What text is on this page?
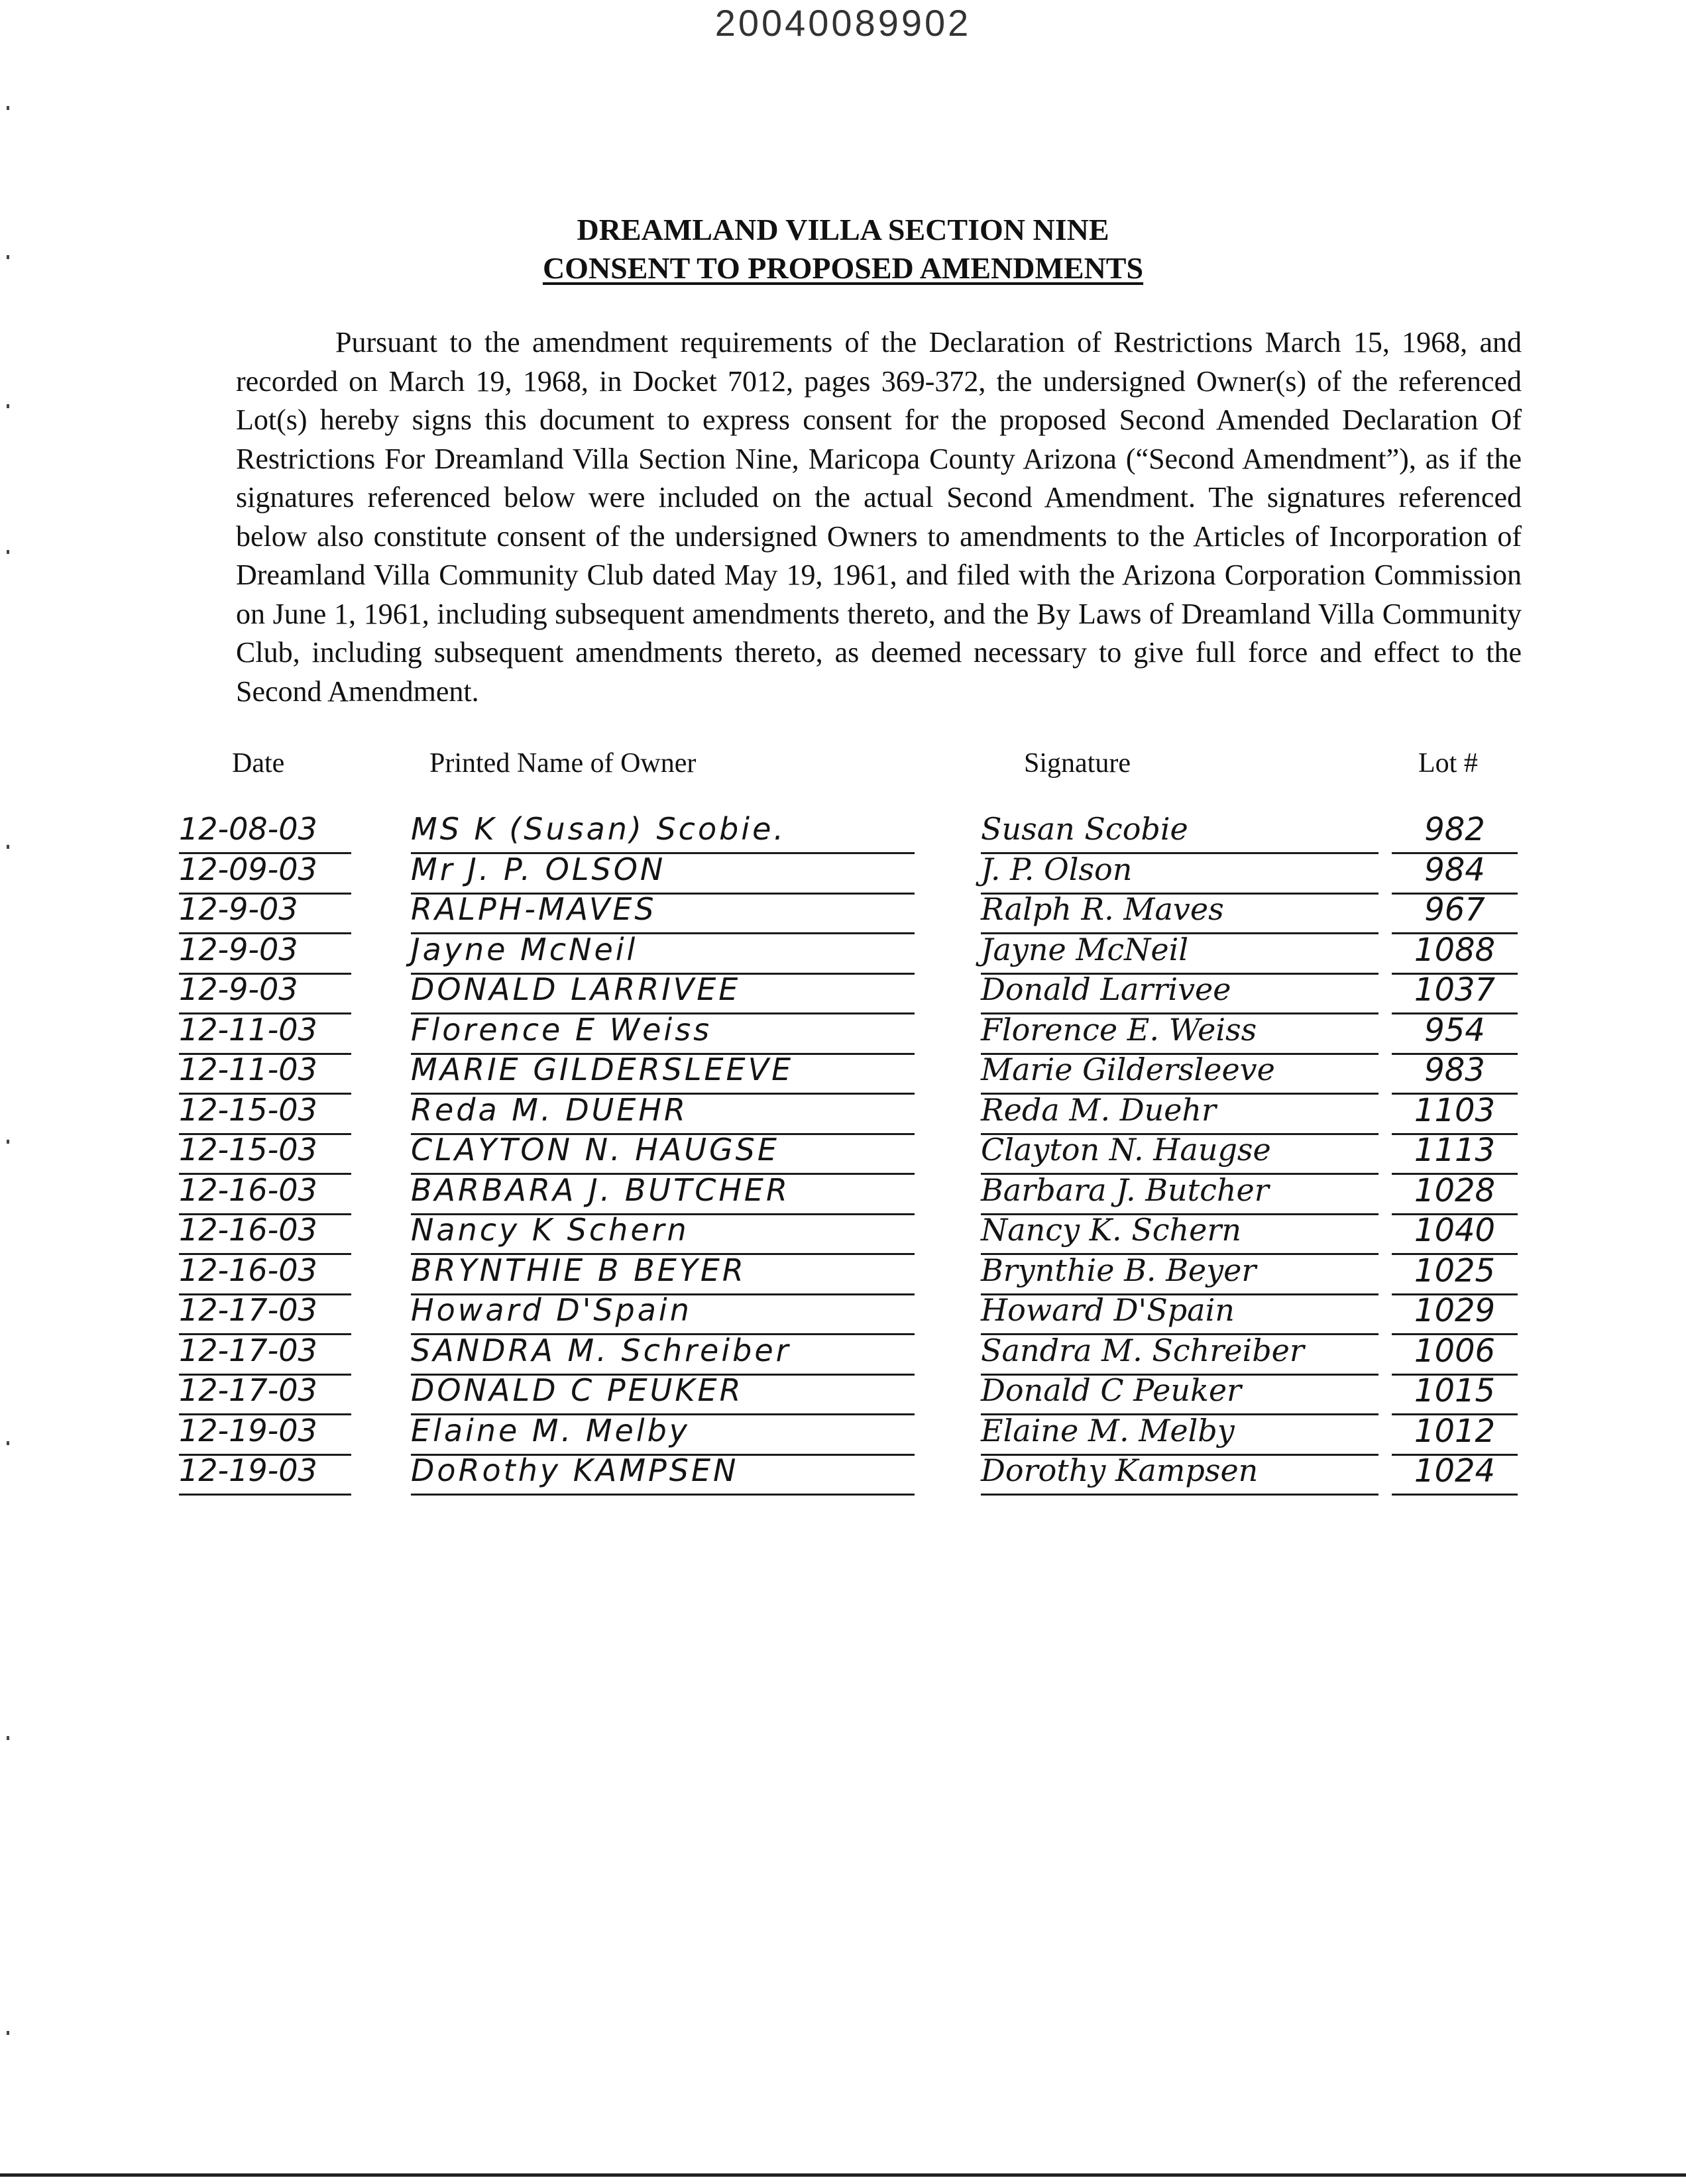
20040089902
DREAMLAND VILLA SECTION NINE
CONSENT TO PROPOSED AMENDMENTS

Pursuant to the amendment requirements of the Declaration of Restrictions March 15, 1968, and recorded on March 19, 1968, in Docket 7012, pages 369-372, the undersigned Owner(s) of the referenced Lot(s) hereby signs this document to express consent for the proposed Second Amended Declaration Of Restrictions For Dreamland Villa Section Nine, Maricopa County Arizona (“Second Amendment”), as if the signatures referenced below were included on the actual Second Amendment. The signatures referenced below also constitute consent of the undersigned Owners to amendments to the Articles of Incorporation of Dreamland Villa Community Club dated May 19, 1961, and filed with the Arizona Corporation Commission on June 1, 1961, including subsequent amendments thereto, and the By Laws of Dreamland Villa Community Club, including subsequent amendments thereto, as deemed necessary to give full force and effect to the Second Amendment.

Date	Printed Name of Owner	Signature	Lot #
12-08-03	MS K (Susan) Scobie.	Susan Scobie	982
12-09-03	Mr J. P. OLSON	J. P. Olson	984
12-9-03	RALPH-MAVES	Ralph R. Maves	967
12-9-03	Jayne McNeil	Jayne McNeil	1088
12-9-03	DONALD LARRIVEE	Donald Larrivee	1037
12-11-03	Florence E Weiss	Florence E. Weiss	954
12-11-03	MARIE GILDERSLEEVE	Marie Gildersleeve	983
12-15-03	Reda M. DUEHR	Reda M. Duehr	1103
12-15-03	CLAYTON N. HAUGSE	Clayton N. Haugse	1113
12-16-03	BARBARA J. BUTCHER	Barbara J. Butcher	1028
12-16-03	Nancy K Schern	Nancy K. Schern	1040
12-16-03	BRYNTHIE B BEYER	Brynthie B. Beyer	1025
12-17-03	Howard D'Spain	Howard D'Spain	1029
12-17-03	SANDRA M. Schreiber	Sandra M. Schreiber	1006
12-17-03	DONALD C PEUKER	Donald C Peuker	1015
12-19-03	Elaine M. Melby	Elaine M. Melby	1012
12-19-03	DoRothy KAMPSEN	Dorothy Kampsen	1024
